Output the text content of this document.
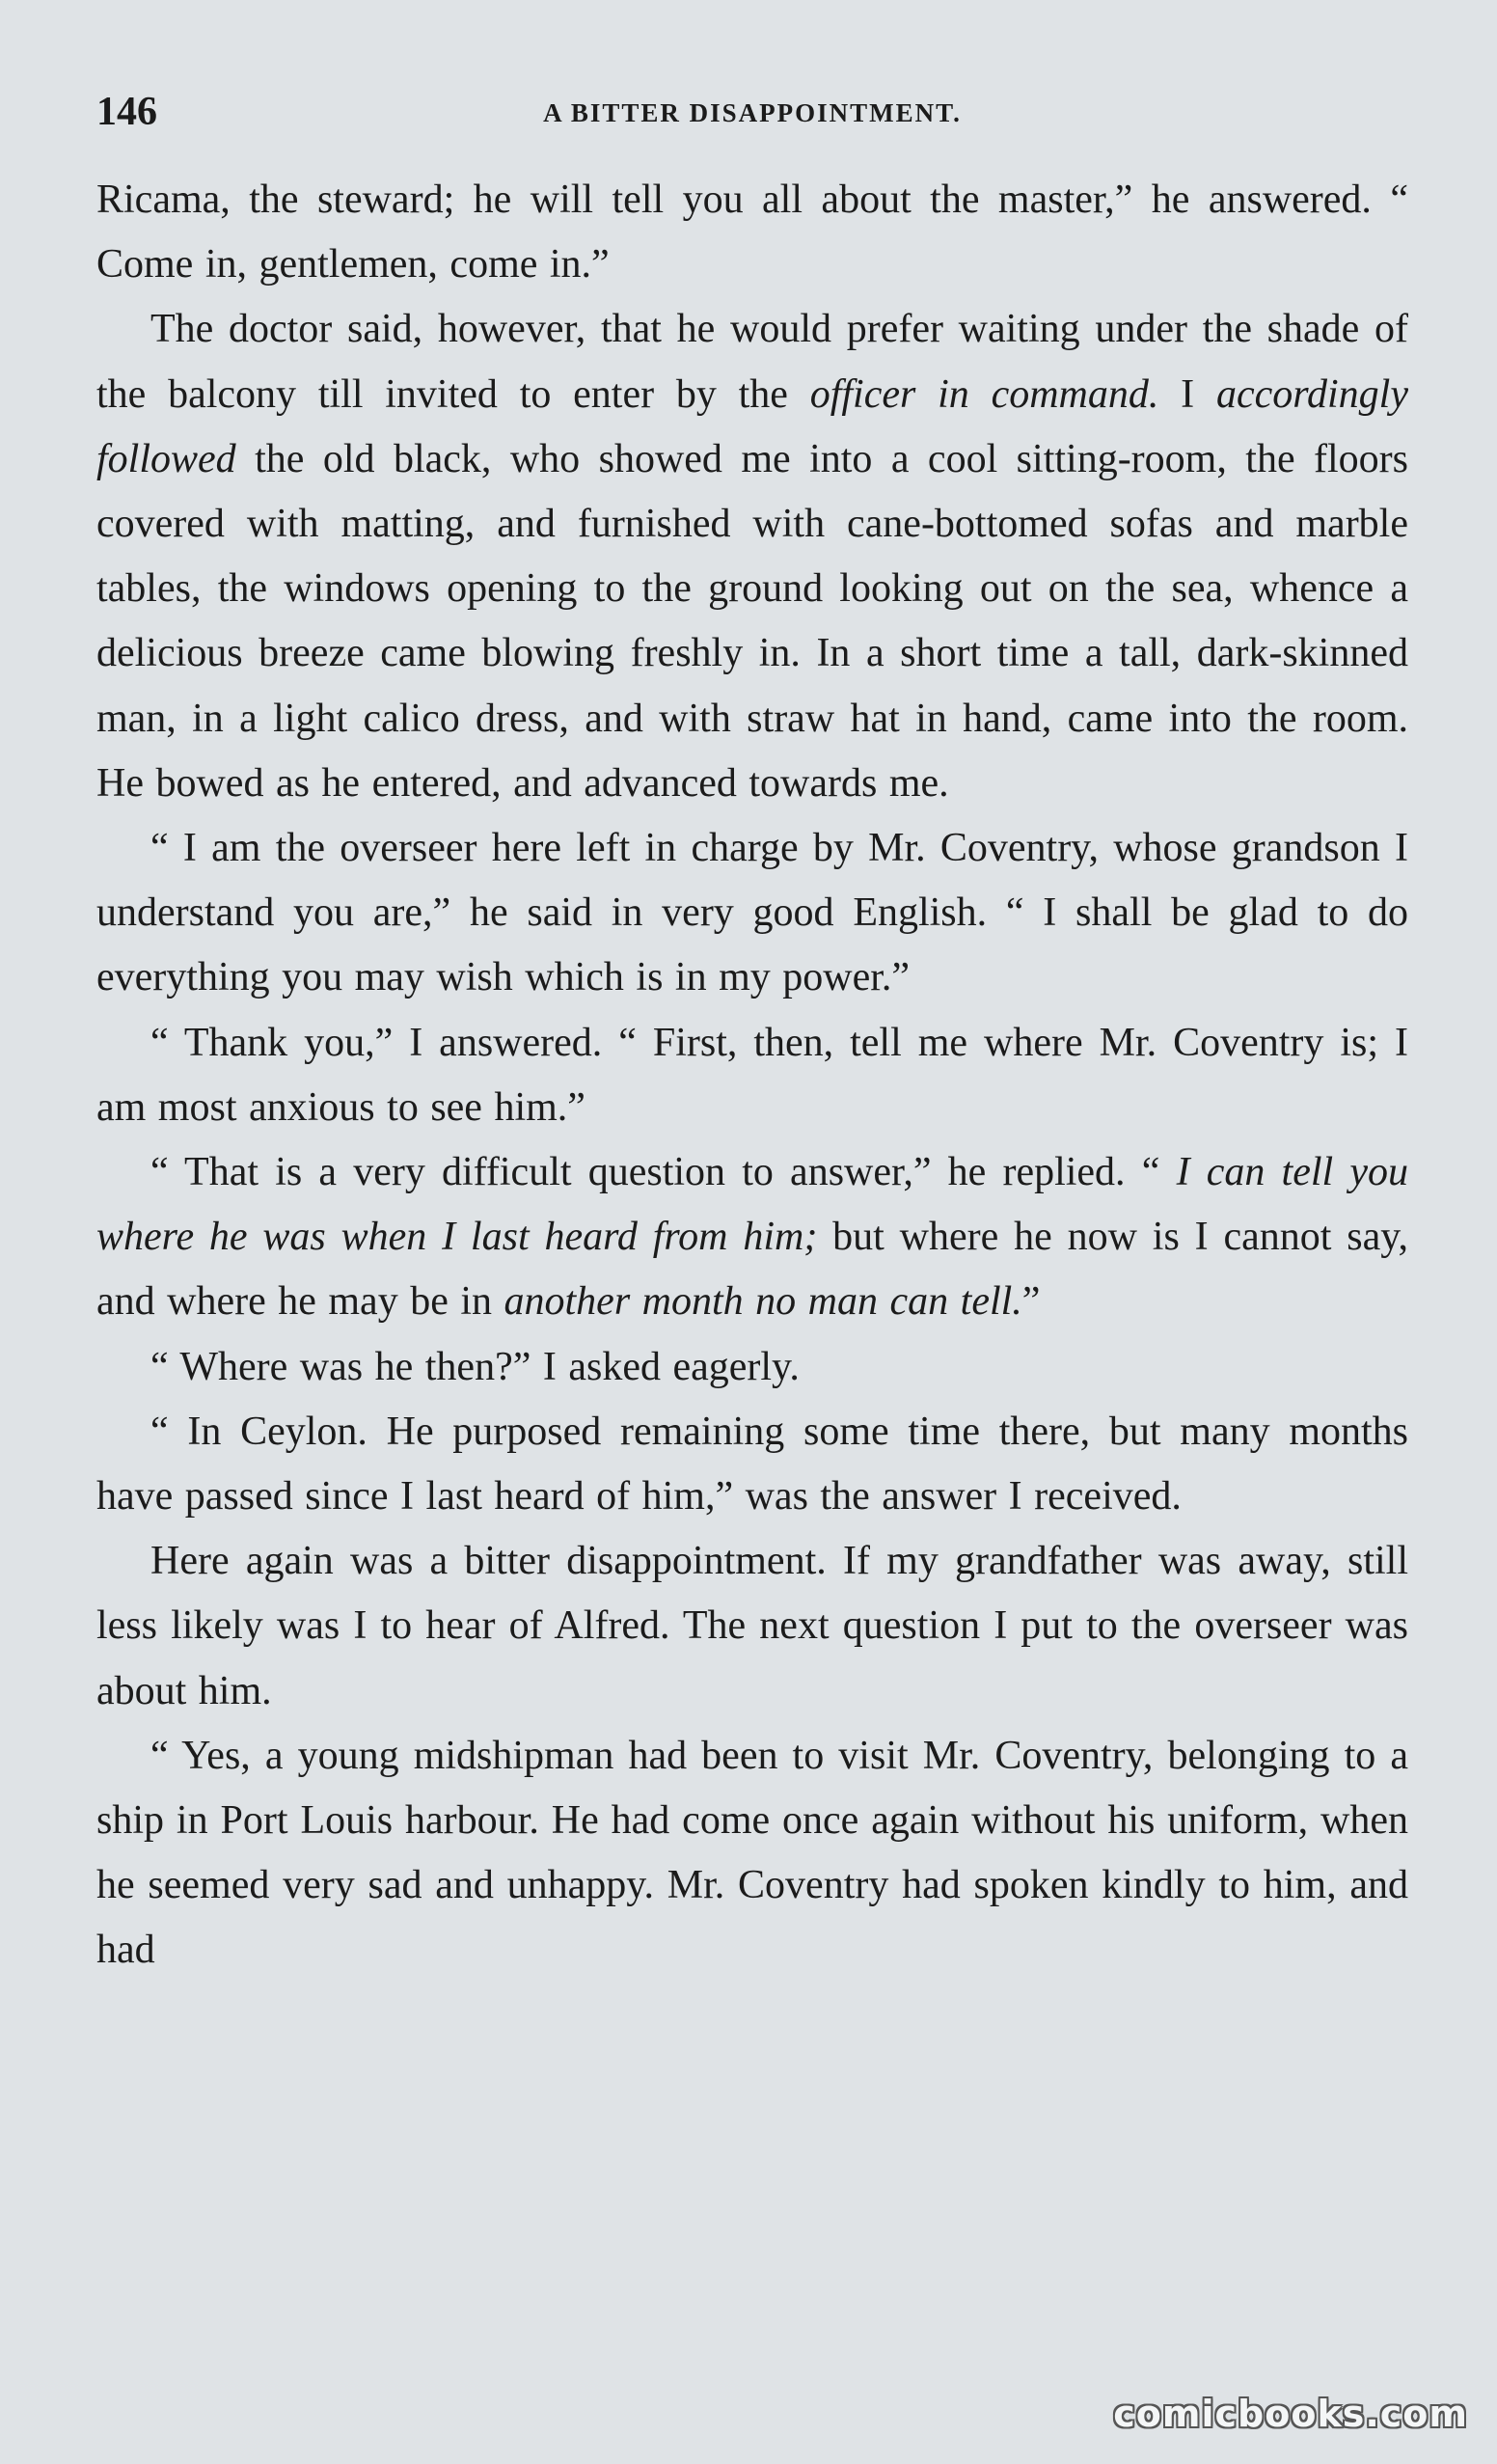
146	A BITTER DISAPPOINTMENT.

Ricama, the steward; he will tell you all about the master,” he answered. “ Come in, gentlemen, come in.”

The doctor said, however, that he would prefer waiting under the shade of the balcony till invited to enter by the officer in command. I accordingly followed the old black, who showed me into a cool sitting-room, the floors covered with matting, and furnished with cane-bottomed sofas and marble tables, the windows opening to the ground looking out on the sea, whence a delicious breeze came blowing freshly in. In a short time a tall, dark-skinned man, in a light calico dress, and with straw hat in hand, came into the room. He bowed as he entered, and advanced towards me.

“ I am the overseer here left in charge by Mr. Coventry, whose grandson I understand you are,” he said in very good English. “ I shall be glad to do everything you may wish which is in my power.”

“ Thank you,” I answered. “ First, then, tell me where Mr. Coventry is; I am most anxious to see him.”

“ That is a very difficult question to answer,” he replied. “ I can tell you where he was when I last heard from him; but where he now is I cannot say, and where he may be in another month no man can tell.”

“ Where was he then?” I asked eagerly.

“ In Ceylon. He purposed remaining some time there, but many months have passed since I last heard of him,” was the answer I received.

Here again was a bitter disappointment. If my grandfather was away, still less likely was I to hear of Alfred. The next question I put to the overseer was about him.

“ Yes, a young midshipman had been to visit Mr. Coventry, belonging to a ship in Port Louis harbour. He had come once again without his uniform, when he seemed very sad and unhappy. Mr. Coventry had spoken kindly to him, and had

comicbooks.com
